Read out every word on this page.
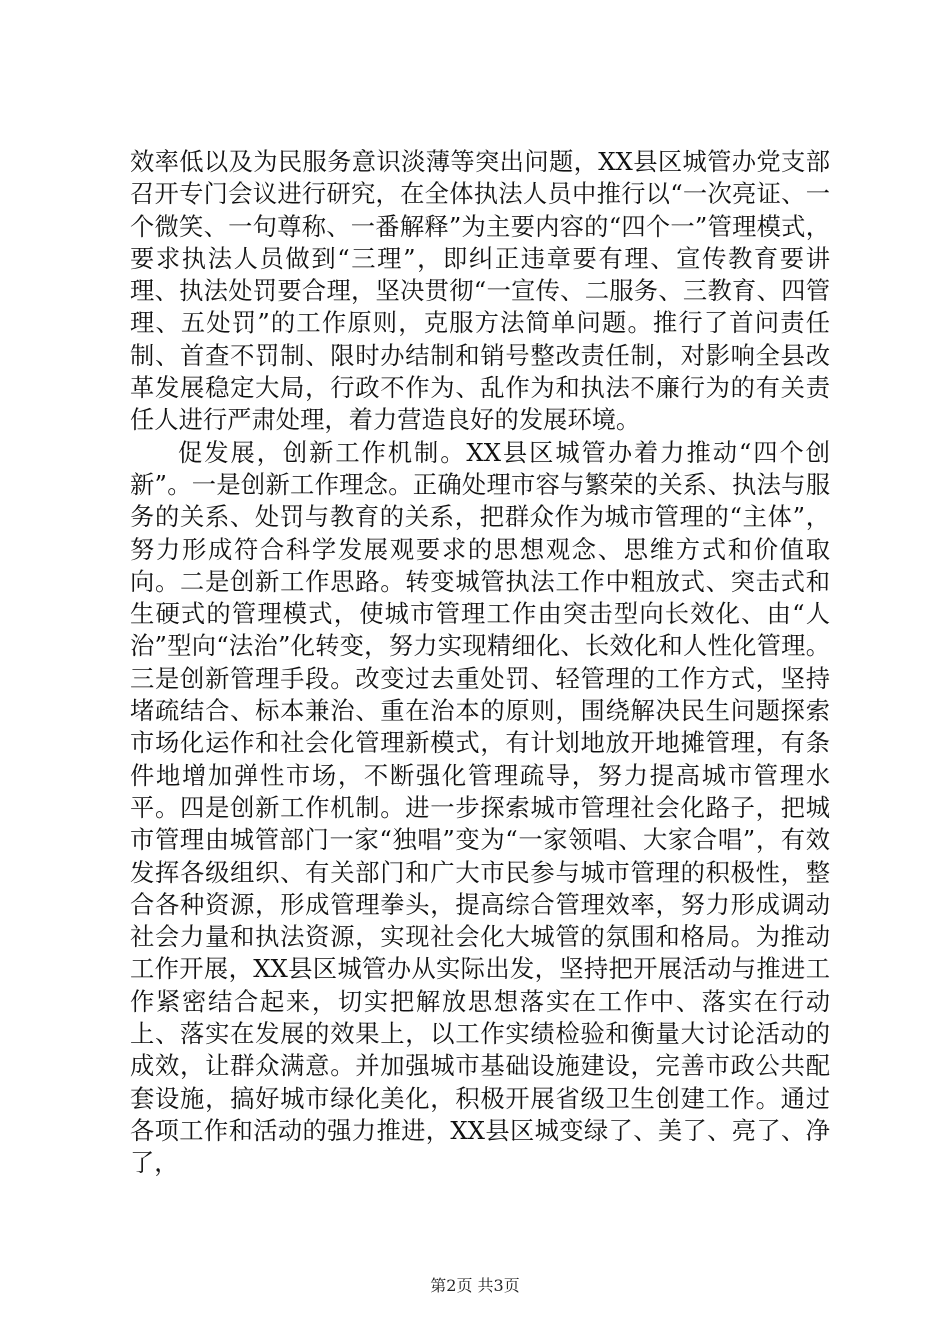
效率低以及为民服务意识淡薄等突出问题，XX县区城管办党支部召开专门会议进行研究，在全体执法人员中推行以“一次亮证、一个微笑、一句尊称、一番解释”为主要内容的“四个一”管理模式，要求执法人员做到“三理”，即纠正违章要有理、宣传教育要讲理、执法处罚要合理，坚决贯彻“一宣传、二服务、三教育、四管理、五处罚”的工作原则，克服方法简单问题。推行了首问责任制、首查不罚制、限时办结制和销号整改责任制，对影响全县改革发展稳定大局，行政不作为、乱作为和执法不廉行为的有关责任人进行严肃处理，着力营造良好的发展环境。

促发展，创新工作机制。XX县区城管办着力推动“四个创新”。一是创新工作理念。正确处理市容与繁荣的关系、执法与服务的关系、处罚与教育的关系，把群众作为城市管理的“主体”，努力形成符合科学发展观要求的思想观念、思维方式和价值取向。二是创新工作思路。转变城管执法工作中粗放式、突击式和生硬式的管理模式，使城市管理工作由突击型向长效化、由“人治”型向“法治”化转变，努力实现精细化、长效化和人性化管理。三是创新管理手段。改变过去重处罚、轻管理的工作方式，坚持堵疏结合、标本兼治、重在治本的原则，围绕解决民生问题探索市场化运作和社会化管理新模式，有计划地放开地摊管理，有条件地增加弹性市场，不断强化管理疏导，努力提高城市管理水平。四是创新工作机制。进一步探索城市管理社会化路子，把城市管理由城管部门一家“独唱”变为“一家领唱、大家合唱”，有效发挥各级组织、有关部门和广大市民参与城市管理的积极性，整合各种资源，形成管理拳头，提高综合管理效率，努力形成调动社会力量和执法资源，实现社会化大城管的氛围和格局。为推动工作开展，XX县区城管办从实际出发，坚持把开展活动与推进工作紧密结合起来，切实把解放思想落实在工作中、落实在行动上、落实在发展的效果上，以工作实绩检验和衡量大讨论活动的成效，让群众满意。并加强城市基础设施建设，完善市政公共配套设施，搞好城市绿化美化，积极开展省级卫生创建工作。通过各项工作和活动的强力推进，XX县区城变绿了、美了、亮了、净了，

第2页 共3页
